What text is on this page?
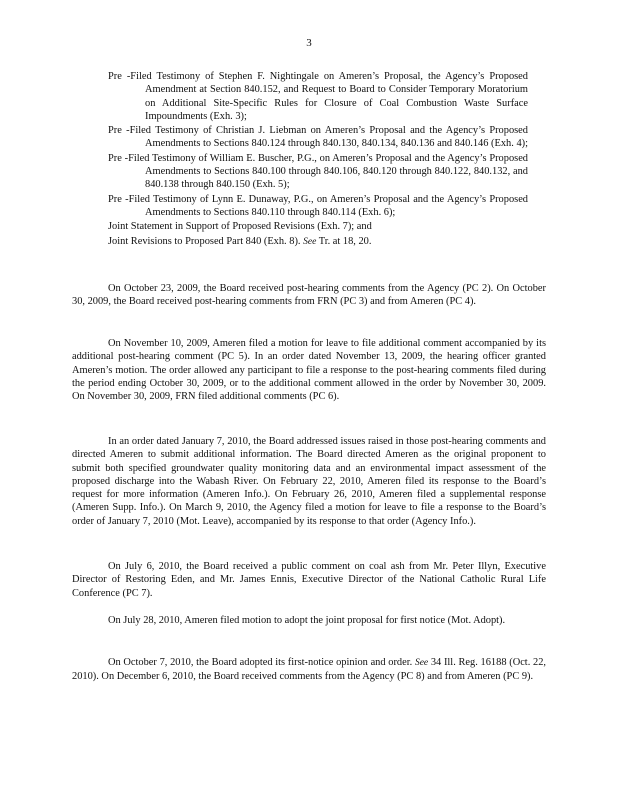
3
Pre -Filed Testimony of Stephen F. Nightingale on Ameren’s Proposal, the Agency’s Proposed Amendment at Section 840.152, and Request to Board to Consider Temporary Moratorium on Additional Site-Specific Rules for Closure of Coal Combustion Waste Surface Impoundments (Exh. 3);
Pre -Filed Testimony of Christian J. Liebman on Ameren’s Proposal and the Agency’s Proposed Amendments to Sections 840.124 through 840.130, 840.134, 840.136 and 840.146 (Exh. 4);
Pre -Filed Testimony of William E. Buscher, P.G., on Ameren’s Proposal and the Agency’s Proposed Amendments to Sections 840.100 through 840.106, 840.120 through 840.122, 840.132, and 840.138 through 840.150 (Exh. 5);
Pre -Filed Testimony of Lynn E. Dunaway, P.G., on Ameren’s Proposal and the Agency’s Proposed Amendments to Sections 840.110 through 840.114 (Exh. 6);
Joint Statement in Support of Proposed Revisions (Exh. 7); and
Joint Revisions to Proposed Part 840 (Exh. 8). See Tr. at 18, 20.
On October 23, 2009, the Board received post-hearing comments from the Agency (PC 2). On October 30, 2009, the Board received post-hearing comments from FRN (PC 3) and from Ameren (PC 4).
On November 10, 2009, Ameren filed a motion for leave to file additional comment accompanied by its additional post-hearing comment (PC 5). In an order dated November 13, 2009, the hearing officer granted Ameren’s motion. The order allowed any participant to file a response to the post-hearing comments filed during the period ending October 30, 2009, or to the additional comment allowed in the order by November 30, 2009. On November 30, 2009, FRN filed additional comments (PC 6).
In an order dated January 7, 2010, the Board addressed issues raised in those post-hearing comments and directed Ameren to submit additional information. The Board directed Ameren as the original proponent to submit both specified groundwater quality monitoring data and an environmental impact assessment of the proposed discharge into the Wabash River. On February 22, 2010, Ameren filed its response to the Board’s request for more information (Ameren Info.). On February 26, 2010, Ameren filed a supplemental response (Ameren Supp. Info.). On March 9, 2010, the Agency filed a motion for leave to file a response to the Board’s order of January 7, 2010 (Mot. Leave), accompanied by its response to that order (Agency Info.).
On July 6, 2010, the Board received a public comment on coal ash from Mr. Peter Illyn, Executive Director of Restoring Eden, and Mr. James Ennis, Executive Director of the National Catholic Rural Life Conference (PC 7).
On July 28, 2010, Ameren filed motion to adopt the joint proposal for first notice (Mot. Adopt).
On October 7, 2010, the Board adopted its first-notice opinion and order. See 34 Ill. Reg. 16188 (Oct. 22, 2010). On December 6, 2010, the Board received comments from the Agency (PC 8) and from Ameren (PC 9).
